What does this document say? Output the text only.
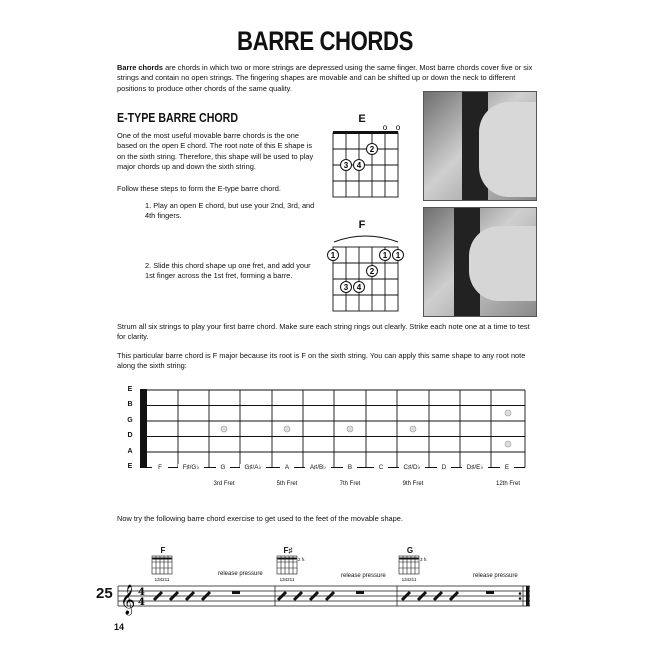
BARRE CHORDS
Barre chords are chords in which two or more strings are depressed using the same finger. Most barre chords cover five or six strings and contain no open strings. The fingering shapes are movable and can be shifted up or down the neck to different positions to produce other chords of the same quality.
E-TYPE BARRE CHORD
One of the most useful movable barre chords is the one based on the open E chord. The root note of this E shape is on the sixth string. Therefore, this shape will be used to play major chords up and down the sixth string.
Follow these steps to form the E-type barre chord.
1. Play an open E chord, but use your 2nd, 3rd, and 4th fingers.
2. Slide this chord shape up one fret, and add your 1st finger across the 1st fret, forming a barre.
E
o o
3 4
2
F
1	1 1
2
3 4
Strum all six strings to play your first barre chord. Make sure each string rings out clearly. Strike each note one at a time to test for clarity.
This particular barre chord is F major because its root is F on the sixth string. You can apply this same shape to any root note along the sixth string:
E
B
G
D
A
E	F	F♯/G♭	G	G♯/A♭	A	A♯/B♭	B	C	C♯/D♭	D	D♯/E♭	E
3rd Fret	5th Fret	7th Fret	9th Fret	12th Fret
Now try the following barre chord exercise to get used to the feet of the movable shape.
F
134211
F♯
2 fr.
134211
G
3 fr.
134211
release pressure	release pressure	release pressure
25 𝄞 4
4
14
